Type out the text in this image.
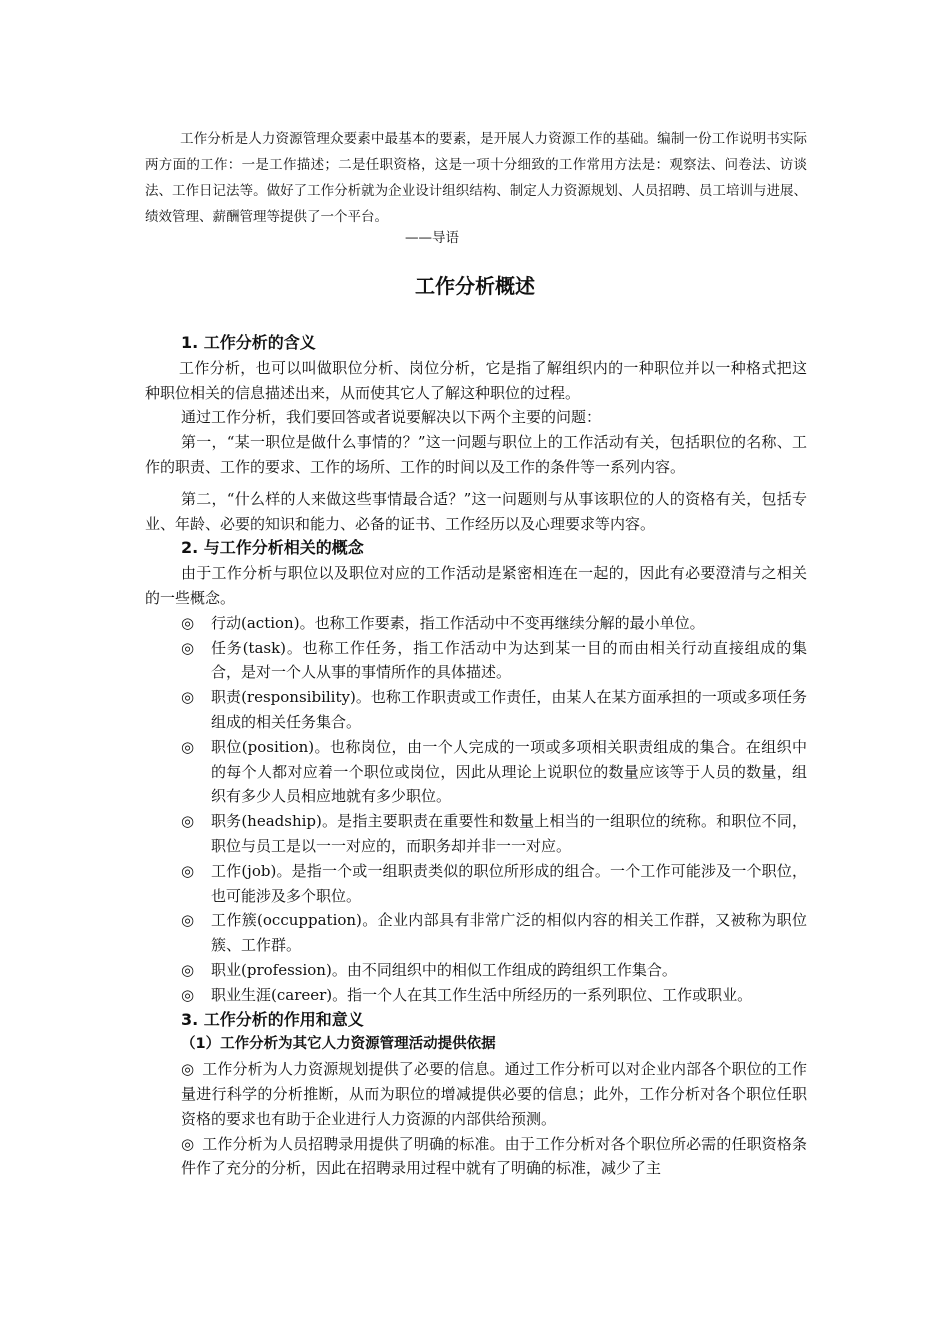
工作分析是人力资源管理众要素中最基本的要素，是开展人力资源工作的基础。编制一份工作说明书实际两方面的工作：一是工作描述；二是任职资格，这是一项十分细致的工作常用方法是：观察法、问卷法、访谈法、工作日记法等。做好了工作分析就为企业设计组织结构、制定人力资源规划、人员招聘、员工培训与进展、绩效管理、薪酬管理等提供了一个平台。
——导语
工作分析概述
1. 工作分析的含义

工作分析，也可以叫做职位分析、岗位分析，它是指了解组织内的一种职位并以一种格式把这种职位相关的信息描述出来，从而使其它人了解这种职位的过程。

通过工作分析，我们要回答或者说要解决以下两个主要的问题：

第一，“某一职位是做什么事情的？”这一问题与职位上的工作活动有关，包括职位的名称、工作的职责、工作的要求、工作的场所、工作的时间以及工作的条件等一系列内容。

第二，“什么样的人来做这些事情最合适？”这一问题则与从事该职位的人的资格有关，包括专业、年龄、必要的知识和能力、必备的证书、工作经历以及心理要求等内容。

2. 与工作分析相关的概念

由于工作分析与职位以及职位对应的工作活动是紧密相连在一起的，因此有必要澄清与之相关的一些概念。

◎ 行动(action)。也称工作要素，指工作活动中不变再继续分解的最小单位。
◎ 任务(task)。也称工作任务，指工作活动中为达到某一目的而由相关行动直接组成的集合，是对一个人从事的事情所作的具体描述。
◎ 职责(responsibility)。也称工作职责或工作责任，由某人在某方面承担的一项或多项任务组成的相关任务集合。
◎ 职位(position)。也称岗位，由一个人完成的一项或多项相关职责组成的集合。在组织中的每个人都对应着一个职位或岗位，因此从理论上说职位的数量应该等于人员的数量，组织有多少人员相应地就有多少职位。
◎ 职务(headship)。是指主要职责在重要性和数量上相当的一组职位的统称。和职位不同，职位与员工是以一一对应的，而职务却并非一一对应。
◎ 工作(job)。是指一个或一组职责类似的职位所形成的组合。一个工作可能涉及一个职位，也可能涉及多个职位。
◎ 工作簇(occuppation)。企业内部具有非常广泛的相似内容的相关工作群，又被称为职位簇、工作群。
◎ 职业(profession)。由不同组织中的相似工作组成的跨组织工作集合。
◎ 职业生涯(career)。指一个人在其工作生活中所经历的一系列职位、工作或职业。
3. 工作分析的作用和意义
（1）工作分析为其它人力资源管理活动提供依据

◎ 工作分析为人力资源规划提供了必要的信息。通过工作分析可以对企业内部各个职位的工作量进行科学的分析推断，从而为职位的增减提供必要的信息；此外，工作分析对各个职位任职资格的要求也有助于企业进行人力资源的内部供给预测。

◎ 工作分析为人员招聘录用提供了明确的标准。由于工作分析对各个职位所必需的任职资格条件作了充分的分析，因此在招聘录用过程中就有了明确的标准，减少了主
